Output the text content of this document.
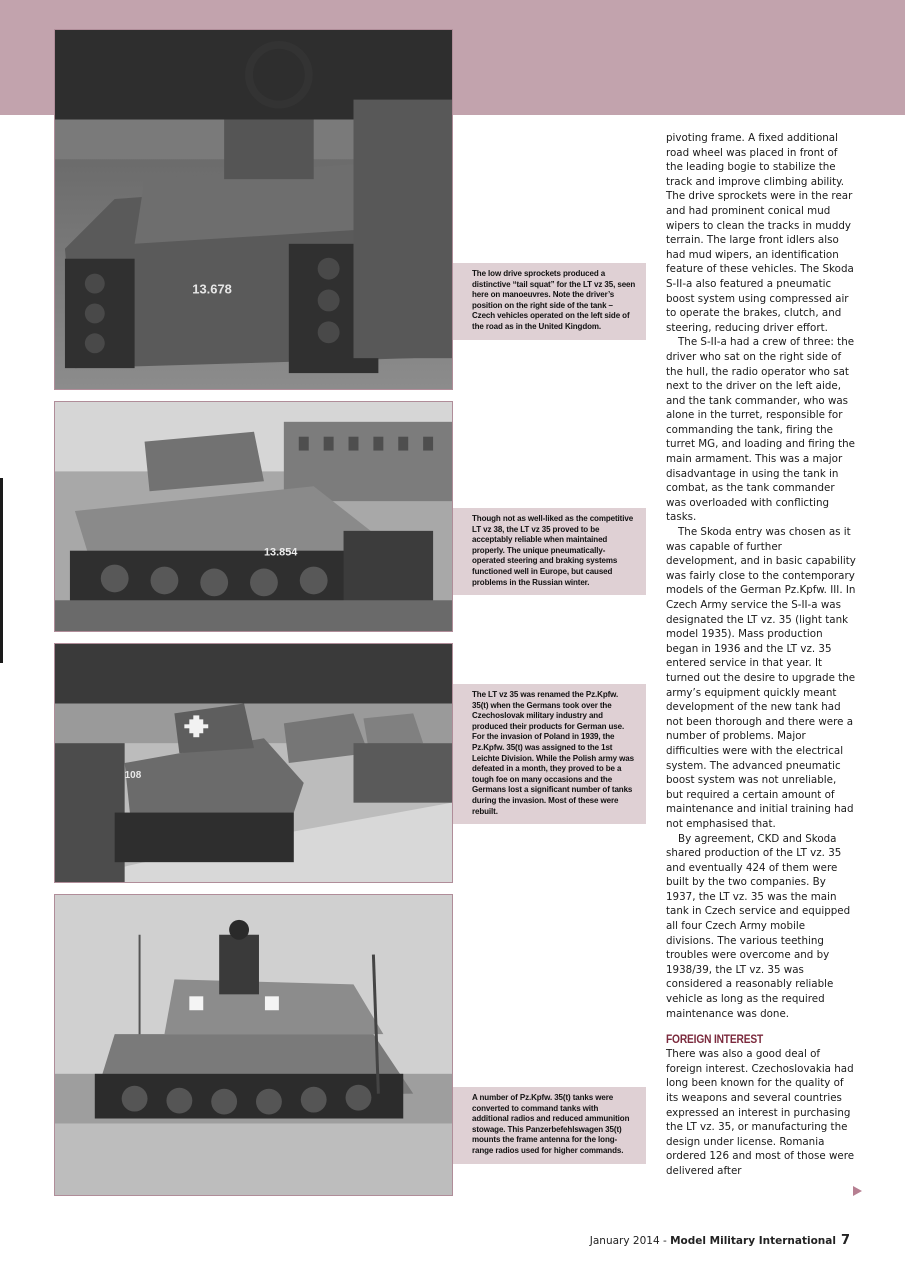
13.678
The low drive sprockets produced a distinctive “tail squat” for the LT vz 35, seen here on manoeuvres. Note the driver’s position on the right side of the tank – Czech vehicles operated on the left side of the road as in the United Kingdom.
13.854
Though not as well-liked as the competitive LT vz 38, the LT vz 35 proved to be acceptably reliable when maintained properly. The unique pneumatically-operated steering and braking systems functioned well in Europe, but caused problems in the Russian winter.
108
The LT vz 35 was renamed the Pz.Kpfw. 35(t) when the Germans took over the Czechoslovak military industry and produced their products for German use. For the invasion of Poland in 1939, the Pz.Kpfw. 35(t) was assigned to the 1st Leichte Division. While the Polish army was defeated in a month, they proved to be a tough foe on many occasions and the Germans lost a significant number of tanks during the invasion. Most of these were rebuilt.
A number of Pz.Kpfw. 35(t) tanks were converted to command tanks with additional radios and reduced ammunition stowage. This Panzerbefehlswagen 35(t) mounts the frame antenna for the long-range radios used for higher commands.

pivoting frame. A fixed additional road wheel was placed in front of the leading bogie to stabilize the track and improve climbing ability. The drive sprockets were in the rear and had prominent conical mud wipers to clean the tracks in muddy terrain. The large front idlers also had mud wipers, an identification feature of these vehicles. The Skoda S-II-a also featured a pneumatic boost system using compressed air to operate the brakes, clutch, and steering, reducing driver effort.

The S-II-a had a crew of three: the driver who sat on the right side of the hull, the radio operator who sat next to the driver on the left aide, and the tank commander, who was alone in the turret, responsible for commanding the tank, firing the turret MG, and loading and firing the main armament. This was a major disadvantage in using the tank in combat, as the tank commander was overloaded with conflicting tasks.

The Skoda entry was chosen as it was capable of further development, and in basic capability was fairly close to the contemporary models of the German Pz.Kpfw. III. In Czech Army service the S-II-a was designated the LT vz. 35 (light tank model 1935). Mass production began in 1936 and the LT vz. 35 entered service in that year. It turned out the desire to upgrade the army’s equipment quickly meant development of the new tank had not been thorough and there were a number of problems. Major difficulties were with the electrical system. The advanced pneumatic boost system was not unreliable, but required a certain amount of maintenance and initial training had not emphasised that.

By agreement, CKD and Skoda shared production of the LT vz. 35 and eventually 424 of them were built by the two companies. By 1937, the LT vz. 35 was the main tank in Czech service and equipped all four Czech Army mobile divisions. The various teething troubles were overcome and by 1938/39, the LT vz. 35 was considered a reasonably reliable vehicle as long as the required maintenance was done.

FOREIGN INTEREST

There was also a good deal of foreign interest. Czechoslovakia had long been known for the quality of its weapons and several countries expressed an interest in purchasing the LT vz. 35, or manufacturing the design under license. Romania ordered 126 and most of those were delivered after

January 2014 - Model Military International 7
